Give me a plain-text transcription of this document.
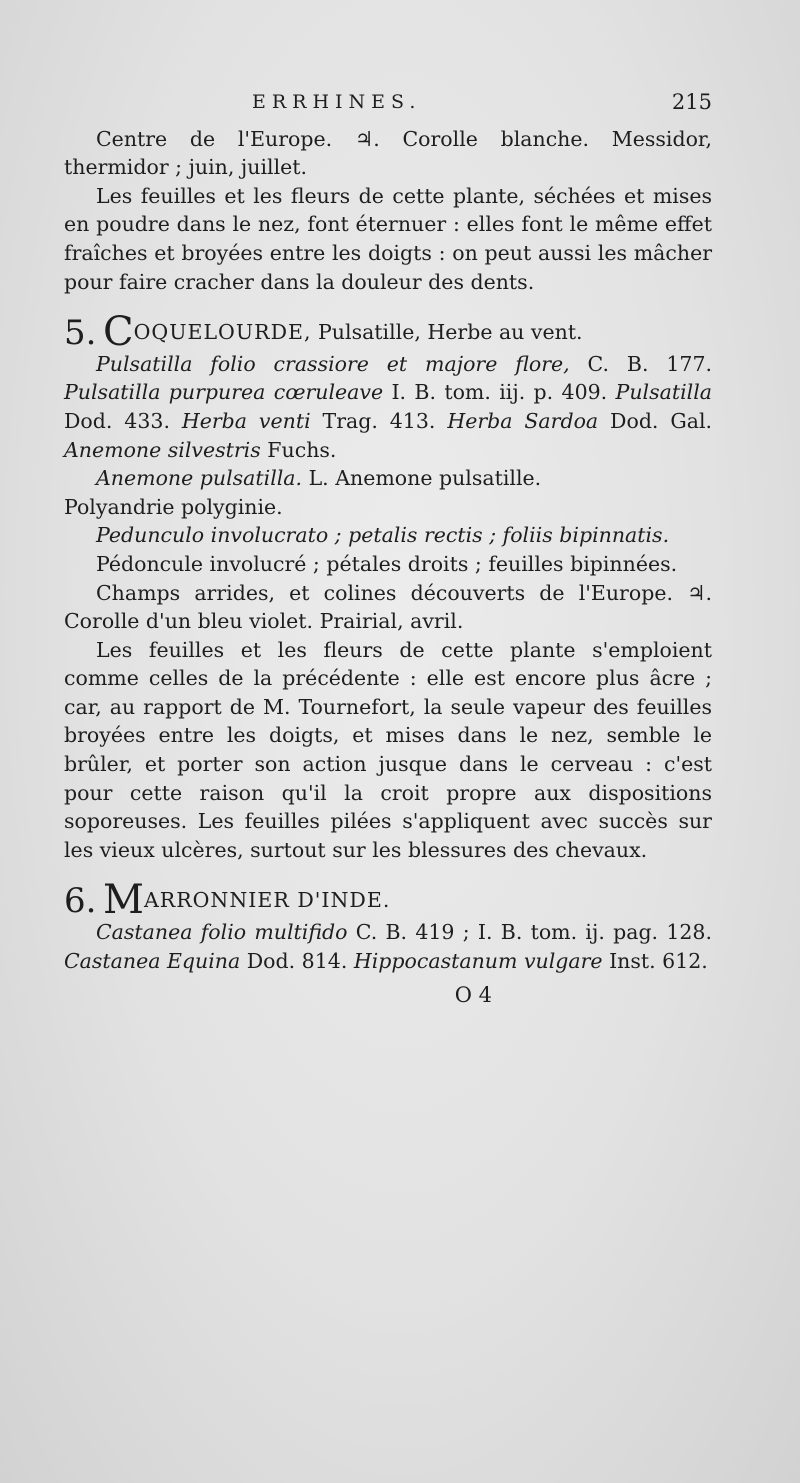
ERRHINES.	215

Centre de l'Europe. ♃. Corolle blanche. Messidor, thermidor ; juin, juillet.

Les feuilles et les fleurs de cette plante, séchées et mises en poudre dans le nez, font éternuer : elles font le même effet fraîches et broyées entre les doigts : on peut aussi les mâcher pour faire cracher dans la douleur des dents.

5. COQUELOURDE, Pulsatille, Herbe au vent.

Pulsatilla folio crassiore et majore flore, C. B. 177. Pulsatilla purpurea cœruleave I. B. tom. iij. p. 409. Pulsatilla Dod. 433. Herba venti Trag. 413. Herba Sardoa Dod. Gal. Anemone silvestris Fuchs.

Anemone pulsatilla. L. Anemone pulsatille.

Polyandrie polyginie.

Pedunculo involucrato ; petalis rectis ; foliis bipinnatis.

Pédoncule involucré ; pétales droits ; feuilles bipinnées.

Champs arrides, et colines découverts de l'Europe. ♃. Corolle d'un bleu violet. Prairial, avril.

Les feuilles et les fleurs de cette plante s'emploient comme celles de la précédente : elle est encore plus âcre ; car, au rapport de M. Tournefort, la seule vapeur des feuilles broyées entre les doigts, et mises dans le nez, semble le brûler, et porter son action jusque dans le cerveau : c'est pour cette raison qu'il la croit propre aux dispositions soporeuses. Les feuilles pilées s'appliquent avec succès sur les vieux ulcères, surtout sur les blessures des chevaux.

6. MARRONNIER D'INDE.

Castanea folio multifido C. B. 419 ; I. B. tom. ij. pag. 128. Castanea Equina Dod. 814. Hippocastanum vulgare Inst. 612.

O 4
